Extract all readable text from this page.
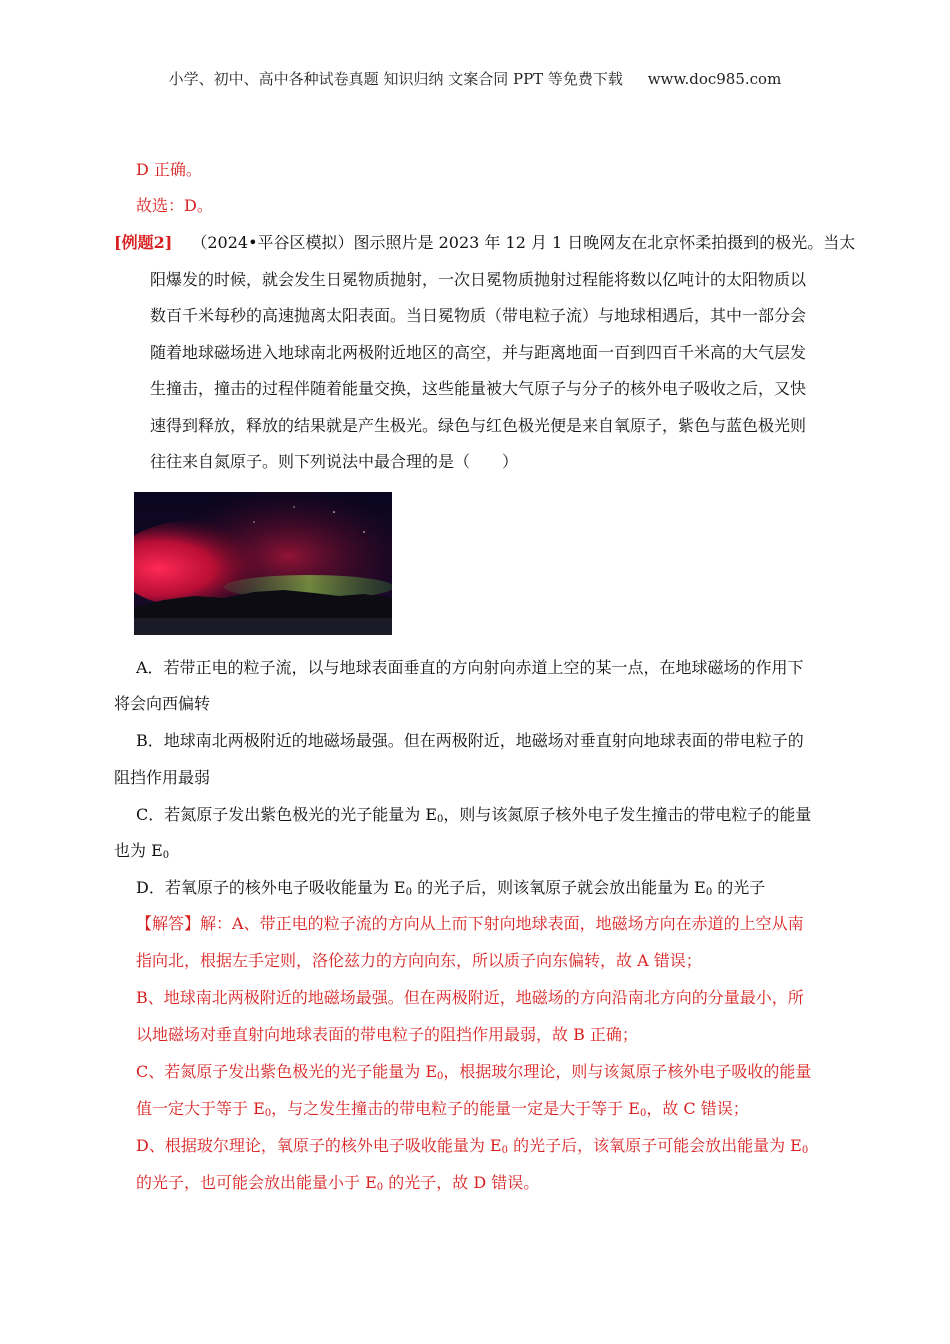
小学、初中、高中各种试卷真题 知识归纳 文案合同 PPT 等免费下载 www.doc985.com
D 正确。
故选：D。
[例题2] （2024•平谷区模拟）图示照片是 2023 年 12 月 1 日晚网友在北京怀柔拍摄到的极光。当太
阳爆发的时候，就会发生日冕物质抛射，一次日冕物质抛射过程能将数以亿吨计的太阳物质以
数百千米每秒的高速抛离太阳表面。当日冕物质（带电粒子流）与地球相遇后，其中一部分会
随着地球磁场进入地球南北两极附近地区的高空，并与距离地面一百到四百千米高的大气层发
生撞击，撞击的过程伴随着能量交换，这些能量被大气原子与分子的核外电子吸收之后，又快
速得到释放，释放的结果就是产生极光。绿色与红色极光便是来自氧原子，紫色与蓝色极光则
往往来自氮原子。则下列说法中最合理的是（　　）
A．若带正电的粒子流，以与地球表面垂直的方向射向赤道上空的某一点，在地球磁场的作用下
将会向西偏转
B．地球南北两极附近的地磁场最强。但在两极附近，地磁场对垂直射向地球表面的带电粒子的
阻挡作用最弱
C．若氮原子发出紫色极光的光子能量为 $E_0$，则与该氮原子核外电子发生撞击的带电粒子的能量
也为 $E_0$
D．若氧原子的核外电子吸收能量为 $E_0$ 的光子后，则该氧原子就会放出能量为 $E_0$ 的光子
【解答】解：A、带正电的粒子流的方向从上而下射向地球表面，地磁场方向在赤道的上空从南
指向北，根据左手定则，洛伦兹力的方向向东，所以质子向东偏转，故 A 错误；
B、地球南北两极附近的地磁场最强。但在两极附近，地磁场的方向沿南北方向的分量最小，所
以地磁场对垂直射向地球表面的带电粒子的阻挡作用最弱，故 B 正确；
C、若氮原子发出紫色极光的光子能量为 $E_0$，根据玻尔理论，则与该氮原子核外电子吸收的能量
值一定大于等于 $E_0$，与之发生撞击的带电粒子的能量一定是大于等于 $E_0$，故 C 错误；
D、根据玻尔理论，氧原子的核外电子吸收能量为 $E_0$ 的光子后，该氧原子可能会放出能量为 $E_0$
的光子，也可能会放出能量小于 $E_0$ 的光子，故 D 错误。
